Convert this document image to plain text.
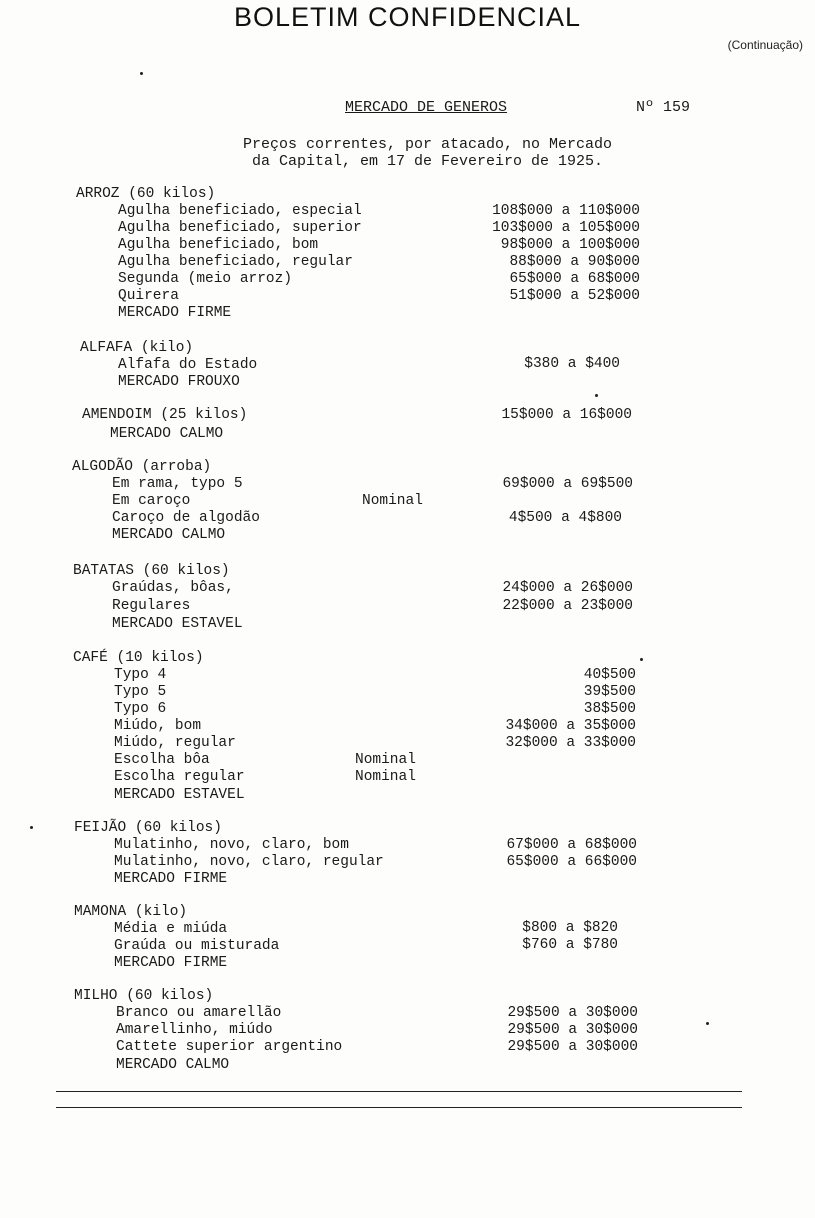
BOLETIM CONFIDENCIAL
(Continuação)
MERCADO DE GENEROS	Nº 159
Preços correntes, por atacado, no Mercado
da Capital, em 17 de Fevereiro de 1925.
ARROZ (60 kilos)
Agulha beneficiado, especial	108$000 a 110$000
Agulha beneficiado, superior	103$000 a 105$000
Agulha beneficiado, bom	98$000 a 100$000
Agulha beneficiado, regular	88$000 a 90$000
Segunda (meio arroz)	65$000 a 68$000
Quirera	51$000 a 52$000
MERCADO FIRME
ALFAFA (kilo)
Alfafa do Estado	$380 a $400
MERCADO FROUXO
AMENDOIM (25 kilos)	15$000 a 16$000
MERCADO CALMO
ALGODÃO (arroba)
Em rama, typo 5	69$000 a 69$500
Em caroço	Nominal
Caroço de algodão	4$500 a 4$800
MERCADO CALMO
BATATAS (60 kilos)
Graúdas, bôas,	24$000 a 26$000
Regulares	22$000 a 23$000
MERCADO ESTAVEL
CAFÉ (10 kilos)
Typo 4	40$500
Typo 5	39$500
Typo 6	38$500
Miúdo, bom	34$000 a 35$000
Miúdo, regular	32$000 a 33$000
Escolha bôa	Nominal
Escolha regular	Nominal
MERCADO ESTAVEL
FEIJÃO (60 kilos)
Mulatinho, novo, claro, bom	67$000 a 68$000
Mulatinho, novo, claro, regular	65$000 a 66$000
MERCADO FIRME
MAMONA (kilo)
Média e miúda	$800 a $820
Graúda ou misturada	$760 a $780
MERCADO FIRME
MILHO (60 kilos)
Branco ou amarellão	29$500 a 30$000
Amarellinho, miúdo	29$500 a 30$000
Cattete superior argentino	29$500 a 30$000
MERCADO CALMO
